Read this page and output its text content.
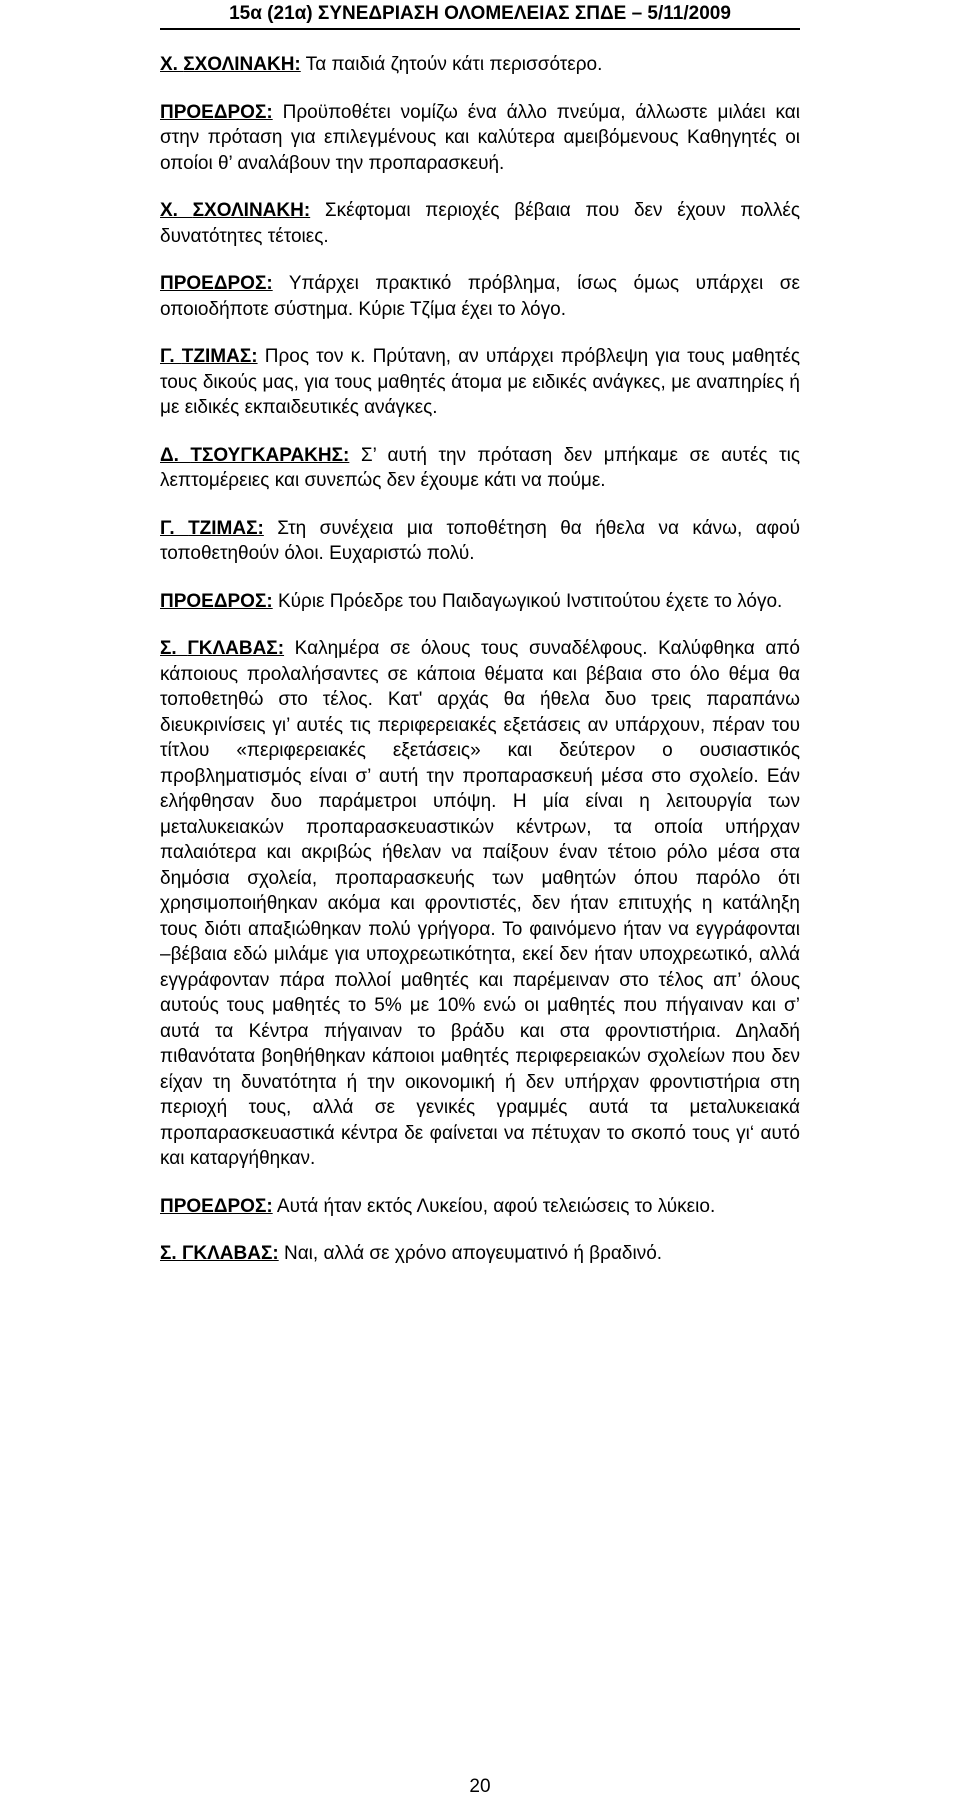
15α (21α) ΣΥΝΕΔΡΙΑΣΗ ΟΛΟΜΕΛΕΙΑΣ ΣΠΔΕ – 5/11/2009

Χ. ΣΧΟΛΙΝΑΚΗ: Τα παιδιά ζητούν κάτι περισσότερο.

ΠΡΟΕΔΡΟΣ: Προϋποθέτει νομίζω ένα άλλο πνεύμα, άλλωστε μιλάει και στην πρόταση για επιλεγμένους και καλύτερα αμειβόμενους Καθηγητές οι οποίοι θ’ αναλάβουν την προπαρασκευή.

Χ. ΣΧΟΛΙΝΑΚΗ: Σκέφτομαι περιοχές βέβαια που δεν έχουν πολλές δυνατότητες τέτοιες.

ΠΡΟΕΔΡΟΣ: Υπάρχει πρακτικό πρόβλημα, ίσως όμως υπάρχει σε οποιοδήποτε σύστημα. Κύριε Τζίμα έχει το λόγο.

Γ. ΤΖΙΜΑΣ: Προς τον κ. Πρύτανη, αν υπάρχει πρόβλεψη για τους μαθητές τους δικούς μας, για τους μαθητές άτομα με ειδικές ανάγκες, με αναπηρίες ή με ειδικές εκπαιδευτικές ανάγκες.

Δ. ΤΣΟΥΓΚΑΡΑΚΗΣ: Σ’ αυτή την πρόταση δεν μπήκαμε σε αυτές τις λεπτομέρειες και συνεπώς δεν έχουμε κάτι να πούμε.

Γ. ΤΖΙΜΑΣ: Στη συνέχεια μια τοποθέτηση θα ήθελα να κάνω, αφού τοποθετηθούν όλοι. Ευχαριστώ πολύ.

ΠΡΟΕΔΡΟΣ: Κύριε Πρόεδρε του Παιδαγωγικού Ινστιτούτου έχετε το λόγο.

Σ. ΓΚΛΑΒΑΣ: Καλημέρα σε όλους τους συναδέλφους. Καλύφθηκα από κάποιους προλαλήσαντες σε κάποια θέματα και βέβαια στο όλο θέμα θα τοποθετηθώ στο τέλος. Κατ' αρχάς θα ήθελα δυο τρεις παραπάνω διευκρινίσεις γι’ αυτές τις περιφερειακές εξετάσεις αν υπάρχουν, πέραν του τίτλου «περιφερειακές εξετάσεις» και δεύτερον ο ουσιαστικός προβληματισμός είναι σ’ αυτή την προπαρασκευή μέσα στο σχολείο. Εάν ελήφθησαν δυο παράμετροι υπόψη. Η μία είναι η λειτουργία των μεταλυκειακών προπαρασκευαστικών κέντρων, τα οποία υπήρχαν παλαιότερα και ακριβώς ήθελαν να παίξουν έναν τέτοιο ρόλο μέσα στα δημόσια σχολεία, προπαρασκευής των μαθητών όπου παρόλο ότι χρησιμοποιήθηκαν ακόμα και φροντιστές, δεν ήταν επιτυχής η κατάληξη τους διότι απαξιώθηκαν πολύ γρήγορα. Το φαινόμενο ήταν να εγγράφονται –βέβαια εδώ μιλάμε για υποχρεωτικότητα, εκεί δεν ήταν υποχρεωτικό, αλλά εγγράφονταν πάρα πολλοί μαθητές και παρέμειναν στο τέλος απ’ όλους αυτούς τους μαθητές το 5% με 10% ενώ οι μαθητές που πήγαιναν και σ’ αυτά τα Κέντρα πήγαιναν το βράδυ και στα φροντιστήρια. Δηλαδή πιθανότατα βοηθήθηκαν κάποιοι μαθητές περιφερειακών σχολείων που δεν είχαν τη δυνατότητα ή την οικονομική ή δεν υπήρχαν φροντιστήρια στη περιοχή τους, αλλά σε γενικές γραμμές αυτά τα μεταλυκειακά προπαρασκευαστικά κέντρα δε φαίνεται να πέτυχαν το σκοπό τους γι‘ αυτό και καταργήθηκαν.

ΠΡΟΕΔΡΟΣ: Αυτά ήταν εκτός Λυκείου, αφού τελειώσεις το λύκειο.

Σ. ΓΚΛΑΒΑΣ: Ναι, αλλά σε χρόνο απογευματινό ή βραδινό.

20
